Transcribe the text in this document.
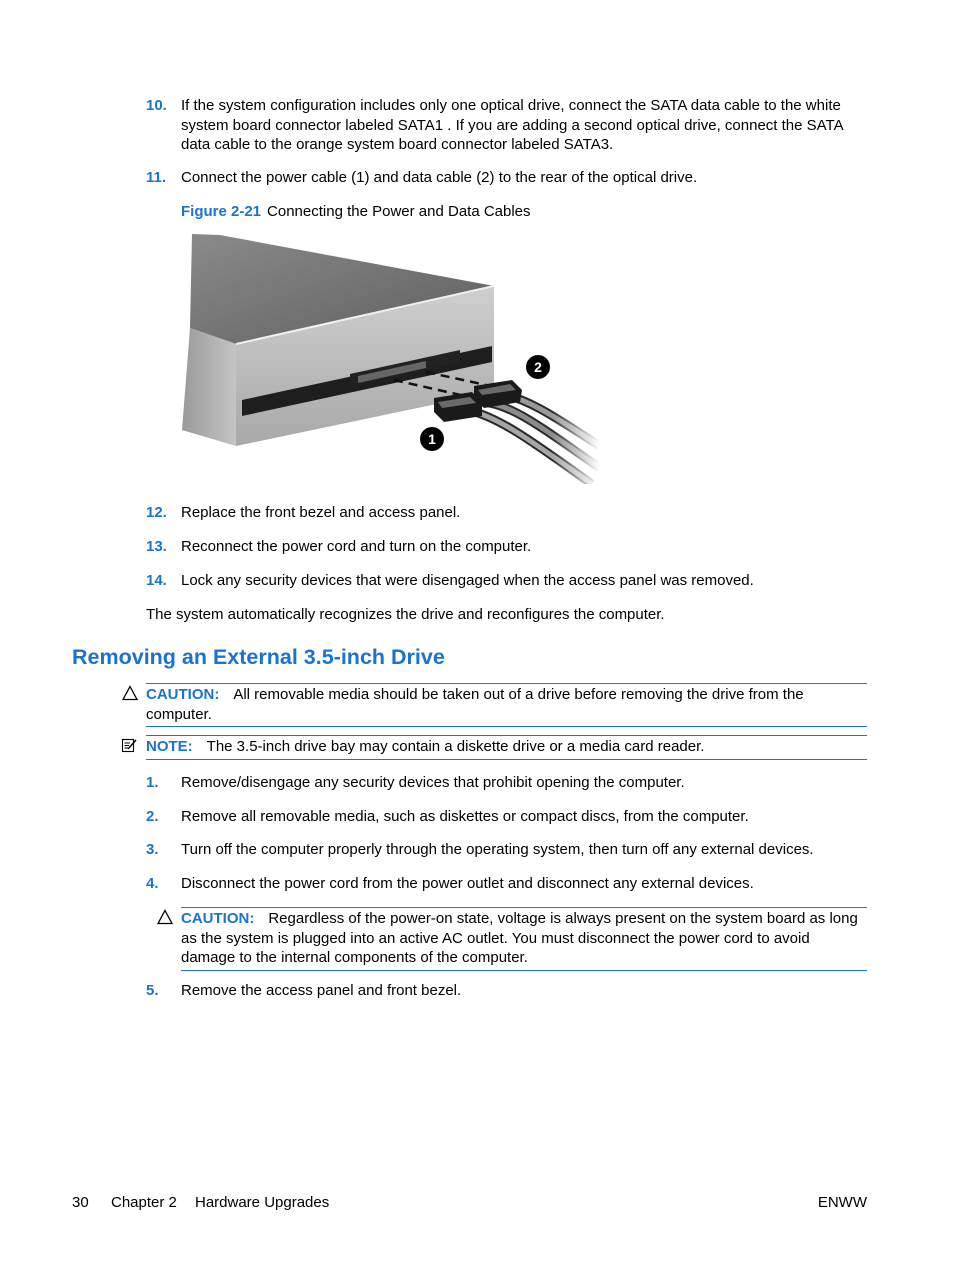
10. If the system configuration includes only one optical drive, connect the SATA data cable to the white system board connector labeled SATA1 . If you are adding a second optical drive, connect the SATA data cable to the orange system board connector labeled SATA3.
11. Connect the power cable (1) and data cable (2) to the rear of the optical drive.
Figure 2-21 Connecting the Power and Data Cables
1
2
12. Replace the front bezel and access panel.
13. Reconnect the power cord and turn on the computer.
14. Lock any security devices that were disengaged when the access panel was removed.
The system automatically recognizes the drive and reconfigures the computer.
Removing an External 3.5-inch Drive
CAUTION: All removable media should be taken out of a drive before removing the drive from the computer.
NOTE: The 3.5-inch drive bay may contain a diskette drive or a media card reader.
1. Remove/disengage any security devices that prohibit opening the computer.
2. Remove all removable media, such as diskettes or compact discs, from the computer.
3. Turn off the computer properly through the operating system, then turn off any external devices.
4. Disconnect the power cord from the power outlet and disconnect any external devices.
CAUTION: Regardless of the power-on state, voltage is always present on the system board as long as the system is plugged into an active AC outlet. You must disconnect the power cord to avoid damage to the internal components of the computer.
5. Remove the access panel and front bezel.
30 Chapter 2 Hardware Upgrades	ENWW
